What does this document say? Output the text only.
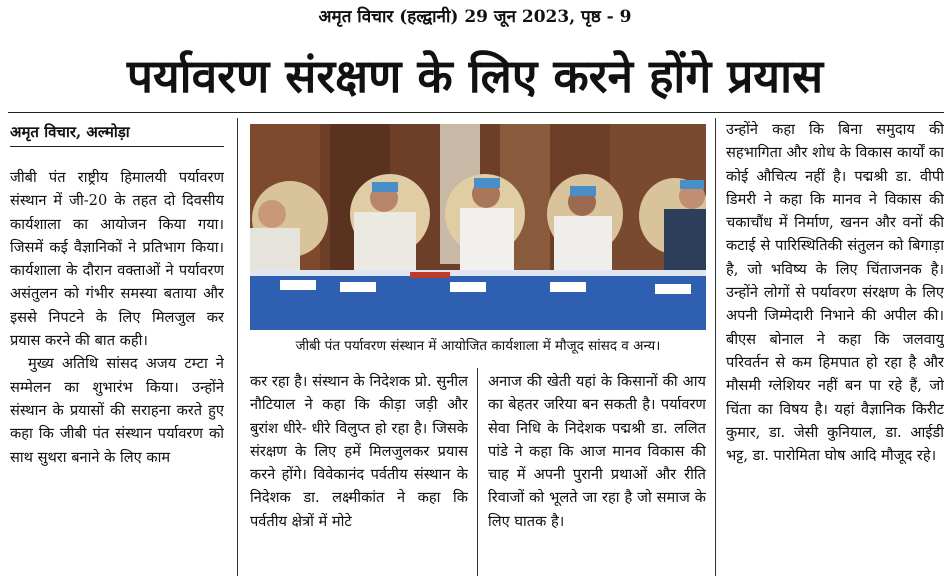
अमृत विचार (हल्द्वानी) 29 जून 2023, पृष्ठ - 9
पर्यावरण संरक्षण के लिए करने होंगे प्रयास
अमृत विचार, अल्मोड़ा

जीबी पंत राष्ट्रीय हिमालयी पर्यावरण संस्थान में जी-20 के तहत दो दिवसीय कार्यशाला का आयोजन किया गया। जिसमें कई वैज्ञानिकों ने प्रतिभाग किया। कार्यशाला के दौरान वक्ताओं ने पर्यावरण असंतुलन को गंभीर समस्या बताया और इससे निपटने के लिए मिलजुल कर प्रयास करने की बात कही।

मुख्य अतिथि सांसद अजय टम्टा ने सम्मेलन का शुभारंभ किया। उन्होंने संस्थान के प्रयासों की सराहना करते हुए कहा कि जीबी पंत संस्थान पर्यावरण को साथ सुथरा बनाने के लिए काम

जीबी पंत पर्यावरण संस्थान में आयोजित कार्यशाला में मौजूद सांसद व अन्य।

कर रहा है। संस्थान के निदेशक प्रो. सुनील नौटियाल ने कहा कि कीड़ा जड़ी और बुरांश धीरे- धीरे विलुप्त हो रहा है। जिसके संरक्षण के लिए हमें मिलजुलकर प्रयास करने होंगे। विवेकानंद पर्वतीय संस्थान के निदेशक डा. लक्ष्मीकांत ने कहा कि पर्वतीय क्षेत्रों में मोटे

अनाज की खेती यहां के किसानों की आय का बेहतर जरिया बन सकती है। पर्यावरण सेवा निधि के निदेशक पद्मश्री डा. ललित पांडे ने कहा कि आज मानव विकास की चाह में अपनी पुरानी प्रथाओं और रीति रिवाजों को भूलते जा रहा है जो समाज के लिए घातक है।

उन्होंने कहा कि बिना समुदाय की सहभागिता और शोध के विकास कार्यों का कोई औचित्य नहीं है। पद्मश्री डा. वीपी डिमरी ने कहा कि मानव ने विकास की चकाचौंध में निर्माण, खनन और वनों की कटाई से पारिस्थितिकी संतुलन को बिगाड़ा है, जो भविष्य के लिए चिंताजनक है। उन्होंने लोगों से पर्यावरण संरक्षण के लिए अपनी जिम्मेदारी निभाने की अपील की। बीएस बोनाल ने कहा कि जलवायु परिवर्तन से कम हिमपात हो रहा है और मौसमी ग्लेशियर नहीं बन पा रहे हैं, जो चिंता का विषय है। यहां वैज्ञानिक किरीट कुमार, डा. जेसी कुनियाल, डा. आईडी भट्ट, डा. पारोमिता घोष आदि मौजूद रहे।
